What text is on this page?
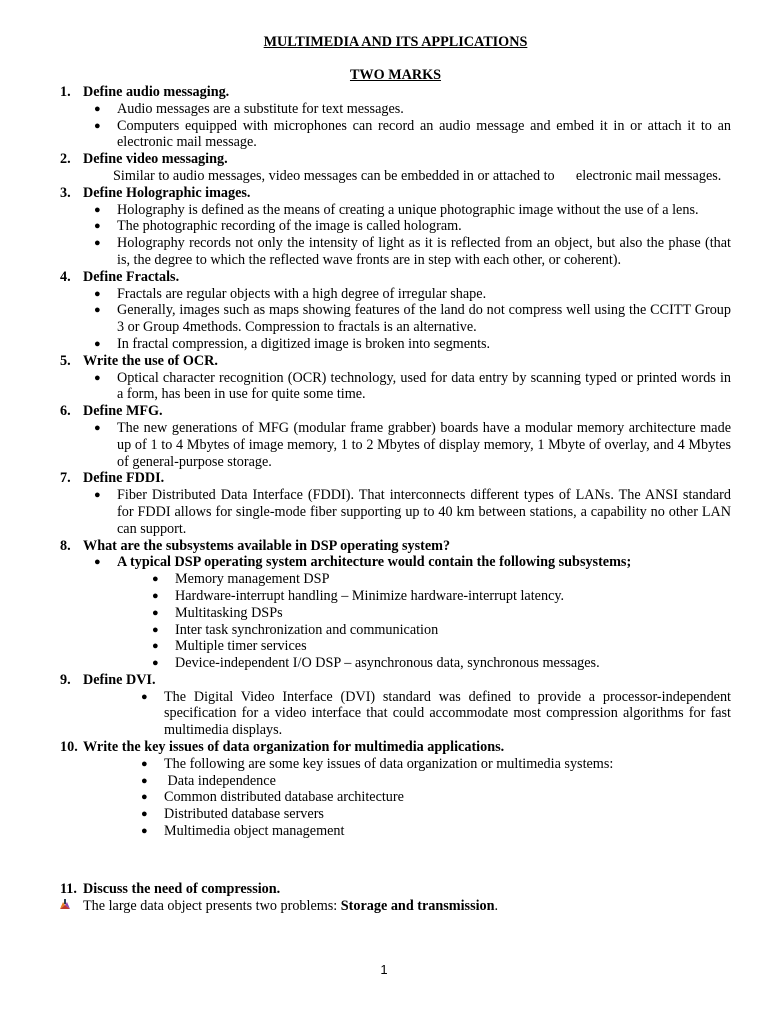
MULTIMEDIA AND ITS APPLICATIONS

TWO MARKS

1. Define audio messaging.
● Audio messages are a substitute for text messages.
● Computers equipped with microphones can record an audio message and embed it in or attach it to an electronic mail message.
2. Define video messaging.

Similar to audio messages, video messages can be embedded in or attached to      electronic mail messages.

3. Define Holographic images.
● Holography is defined as the means of creating a unique photographic image without the use of a lens.
● The photographic recording of the image is called hologram.
● Holography records not only the intensity of light as it is reflected from an object, but also the phase (that is, the degree to which the reflected wave fronts are in step with each other, or coherent).
4. Define Fractals.
● Fractals are regular objects with a high degree of irregular shape.
● Generally, images such as maps showing features of the land do not compress well using the CCITT Group 3 or Group 4methods. Compression to fractals is an alternative.
● In fractal compression, a digitized image is broken into segments.
5. Write the use of OCR.
● Optical character recognition (OCR) technology, used for data entry by scanning typed or printed words in a form, has been in use for quite some time.
6. Define MFG.
● The new generations of MFG (modular frame grabber) boards have a modular memory architecture made up of 1 to 4 Mbytes of image memory, 1 to 2 Mbytes of display memory, 1 Mbyte of overlay, and 4 Mbytes of general-purpose storage.
7. Define FDDI.
● Fiber Distributed Data Interface (FDDI). That interconnects different types of LANs. The ANSI standard for FDDI allows for single-mode fiber supporting up to 40 km between stations, a capability no other LAN can support.
8. What are the subsystems available in DSP operating system?
● A typical DSP operating system architecture would contain the following subsystems;
● Memory management DSP
● Hardware-interrupt handling – Minimize hardware-interrupt latency.
● Multitasking DSPs
● Inter task synchronization and communication
● Multiple timer services
● Device-independent I/O DSP – asynchronous data, synchronous messages.
9. Define DVI.
● The Digital Video Interface (DVI) standard was defined to provide a processor-independent specification for a video interface that could accommodate most compression algorithms for fast multimedia displays.
10. Write the key issues of data organization for multimedia applications.
● The following are some key issues of data organization or multimedia systems:
● Data independence
● Common distributed database architecture
● Distributed database servers
● Multimedia object management
11. Discuss the need of compression.
The large data object presents two problems: Storage and transmission.
1
